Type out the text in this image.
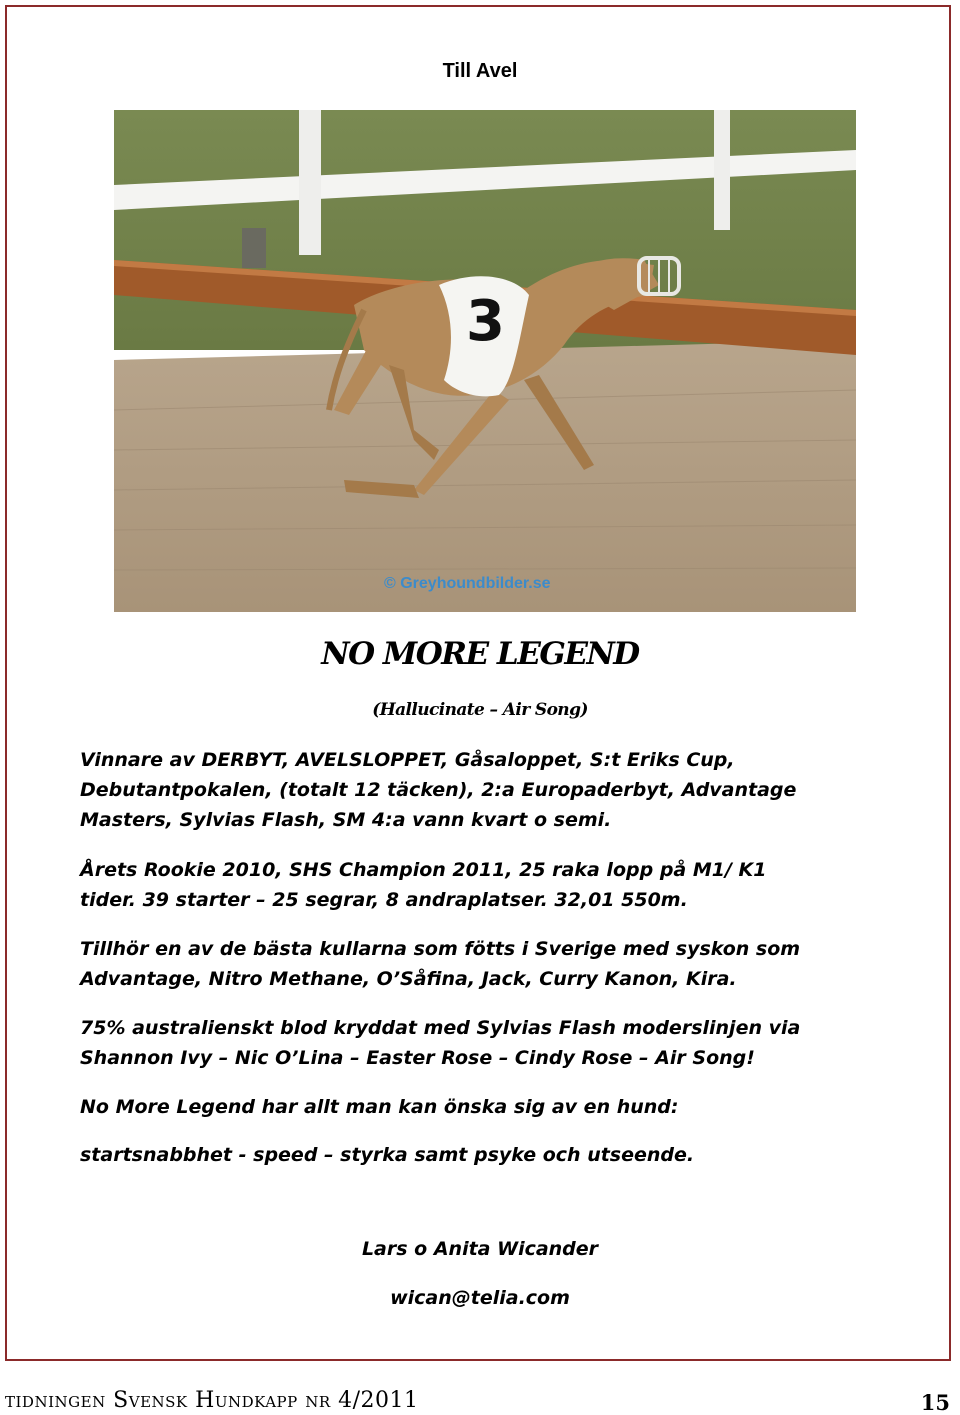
Till Avel
3
© Greyhoundbilder.se
NO MORE LEGEND
(Hallucinate – Air Song)

Vinnare av DERBYT, AVELSLOPPET, Gåsaloppet, S:t Eriks Cup,
Debutantpokalen, (totalt 12 täcken), 2:a Europaderbyt, Advantage
Masters, Sylvias Flash, SM 4:a vann kvart o semi.

Årets Rookie 2010, SHS Champion 2011, 25 raka lopp på M1/ K1
tider. 39 starter – 25 segrar, 8 andraplatser. 32,01 550m.

Tillhör en av de bästa kullarna som fötts i Sverige med syskon som
Advantage, Nitro Methane, O’Såfina, Jack, Curry Kanon, Kira.

75% australienskt blod kryddat med Sylvias Flash moderslinjen via
Shannon Ivy – Nic O’Lina – Easter Rose – Cindy Rose – Air Song!

No More Legend har allt man kan önska sig av en hund:

startsnabbhet - speed – styrka samt psyke och utseende.

Lars o Anita Wicander

wican@telia.com

tidningen Svensk Hundkapp nr 4/2011	15
